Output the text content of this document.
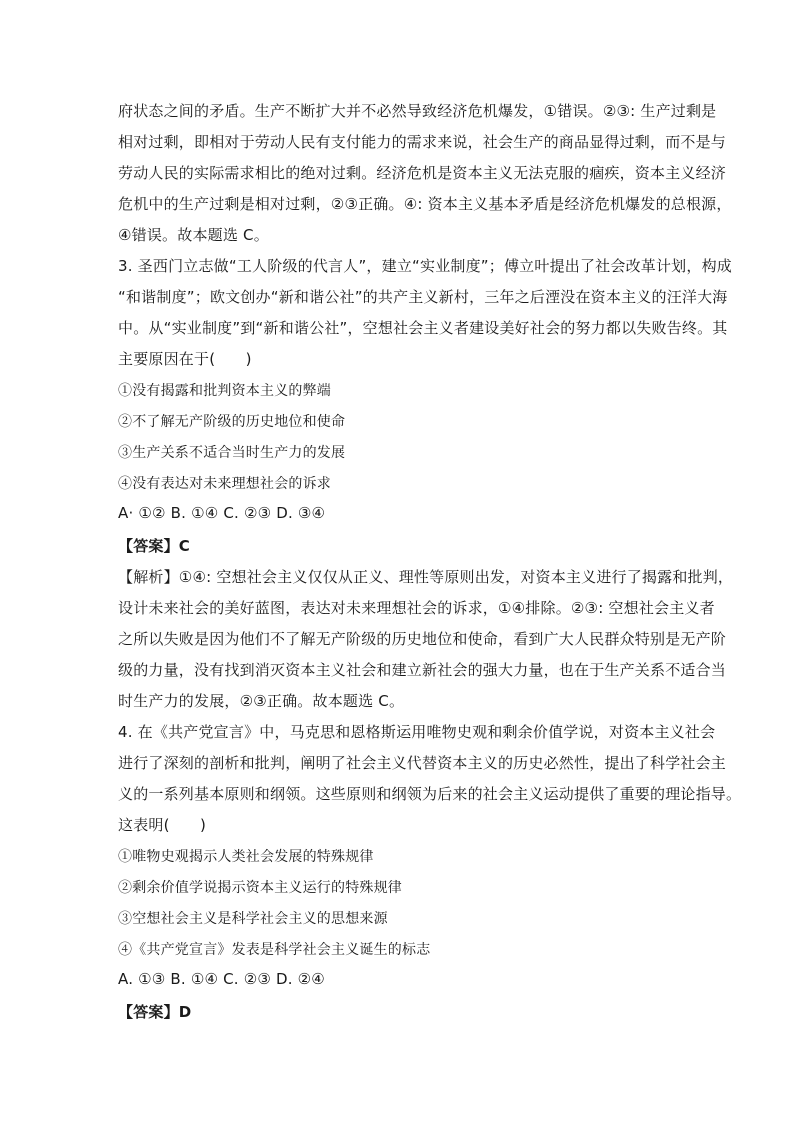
府状态之间的矛盾。生产不断扩大并不必然导致经济危机爆发，①错误。②③: 生产过剩是
相对过剩，即相对于劳动人民有支付能力的需求来说，社会生产的商品显得过剩，而不是与
劳动人民的实际需求相比的绝对过剩。经济危机是资本主义无法克服的痼疾，资本主义经济
危机中的生产过剩是相对过剩，②③正确。④: 资本主义基本矛盾是经济危机爆发的总根源，
④错误。故本题选 C。
3. 圣西门立志做“工人阶级的代言人”，建立“实业制度”；傅立叶提出了社会改革计划，构成
“和谐制度”；欧文创办“新和谐公社”的共产主义新村，三年之后湮没在资本主义的汪洋大海
中。从“实业制度”到“新和谐公社”，空想社会主义者建设美好社会的努力都以失败告终。其
主要原因在于(　　)
①没有揭露和批判资本主义的弊端
②不了解无产阶级的历史地位和使命
③生产关系不适合当时生产力的发展
④没有表达对未来理想社会的诉求
A· ①② B. ①④ C. ②③ D. ③④
【答案】C
【解析】①④: 空想社会主义仅仅从正义、理性等原则出发，对资本主义进行了揭露和批判，
设计未来社会的美好蓝图，表达对未来理想社会的诉求，①④排除。②③: 空想社会主义者
之所以失败是因为他们不了解无产阶级的历史地位和使命，看到广大人民群众特别是无产阶
级的力量，没有找到消灭资本主义社会和建立新社会的强大力量，也在于生产关系不适合当
时生产力的发展，②③正确。故本题选 C。
4. 在《共产党宣言》中，马克思和恩格斯运用唯物史观和剩余价值学说，对资本主义社会
进行了深刻的剖析和批判，阐明了社会主义代替资本主义的历史必然性，提出了科学社会主
义的一系列基本原则和纲领。这些原则和纲领为后来的社会主义运动提供了重要的理论指导。
这表明(　　)
①唯物史观揭示人类社会发展的特殊规律
②剩余价值学说揭示资本主义运行的特殊规律
③空想社会主义是科学社会主义的思想来源
④《共产党宣言》发表是科学社会主义诞生的标志
A. ①③ B. ①④ C. ②③ D. ②④
【答案】D
